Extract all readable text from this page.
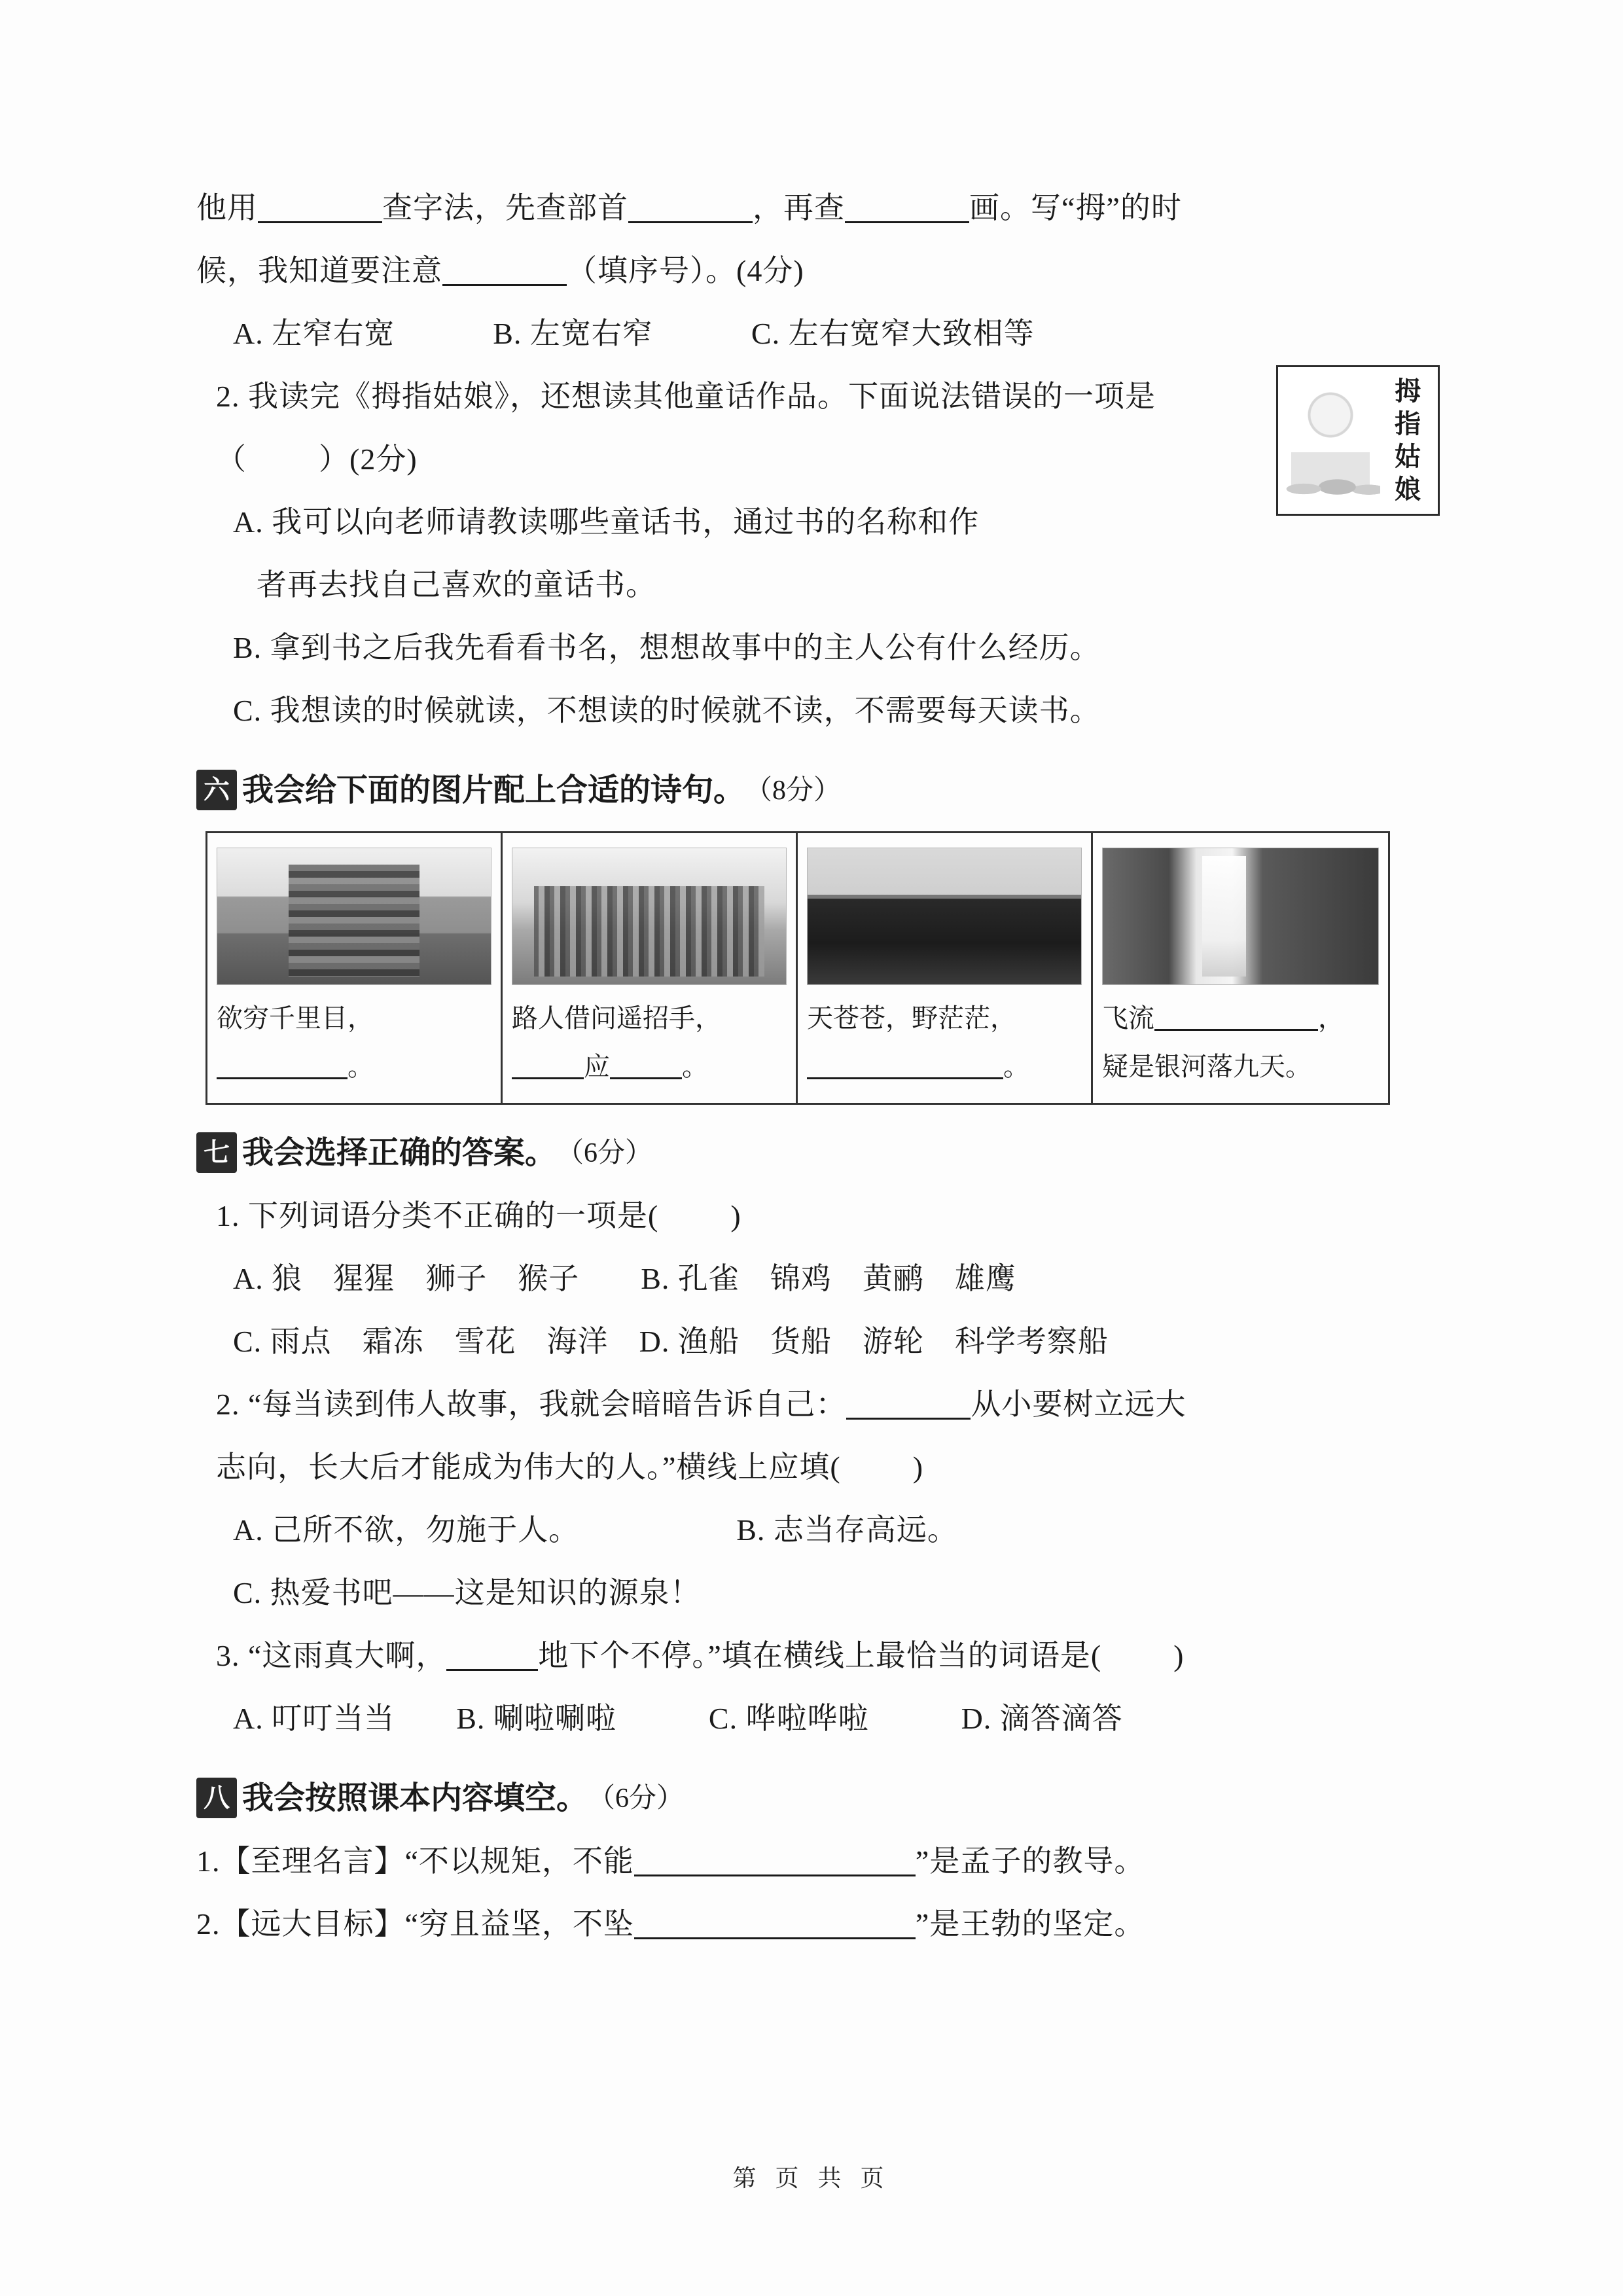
他用	查字法，先查部首	，再查	画。写“拇”的时
候，我知道要注意	（填序号）。(4分)
A. 左窄右宽	B. 左宽右窄	C. 左右宽窄大致相等
2. 我读完《拇指姑娘》，还想读其他童话作品。下面说法错误的一项是
（ ）(2分)
拇指姑娘
A. 我可以向老师请教读哪些童话书，通过书的名称和作
者再去找自己喜欢的童话书。
B. 拿到书之后我先看看书名，想想故事中的主人公有什么经历。
C. 我想读的时候就读，不想读的时候就不读，不需要每天读书。
六 我会给下面的图片配上合适的诗句。 （8分）
欲穷千里目，
。
路人借问遥招手，
应	。
天苍苍，野茫茫，
。
飞流	，
疑是银河落九天。
七 我会选择正确的答案。 （6分）
1. 下列词语分类不正确的一项是( )
A. 狼　猩猩　狮子　猴子　　B. 孔雀　锦鸡　黄鹂　雄鹰
C. 雨点　霜冻　雪花　海洋　D. 渔船　货船　游轮　科学考察船
2. “每当读到伟人故事，我就会暗暗告诉自己：	从小要树立远大
志向，长大后才能成为伟大的人。”横线上应填( )
A. 己所不欲，勿施于人。	B. 志当存高远。
C. 热爱书吧——这是知识的源泉！
3. “这雨真大啊，	地下个不停。”填在横线上最恰当的词语是( )
A. 叮叮当当　　B. 唰啦唰啦　　　C. 哗啦哗啦　　　D. 滴答滴答
八 我会按照课本内容填空。 （6分）
1.【至理名言】“不以规矩，不能	”是孟子的教导。
2.【远大目标】“穷且益坚，不坠	”是王勃的坚定。
第 页 共 页
